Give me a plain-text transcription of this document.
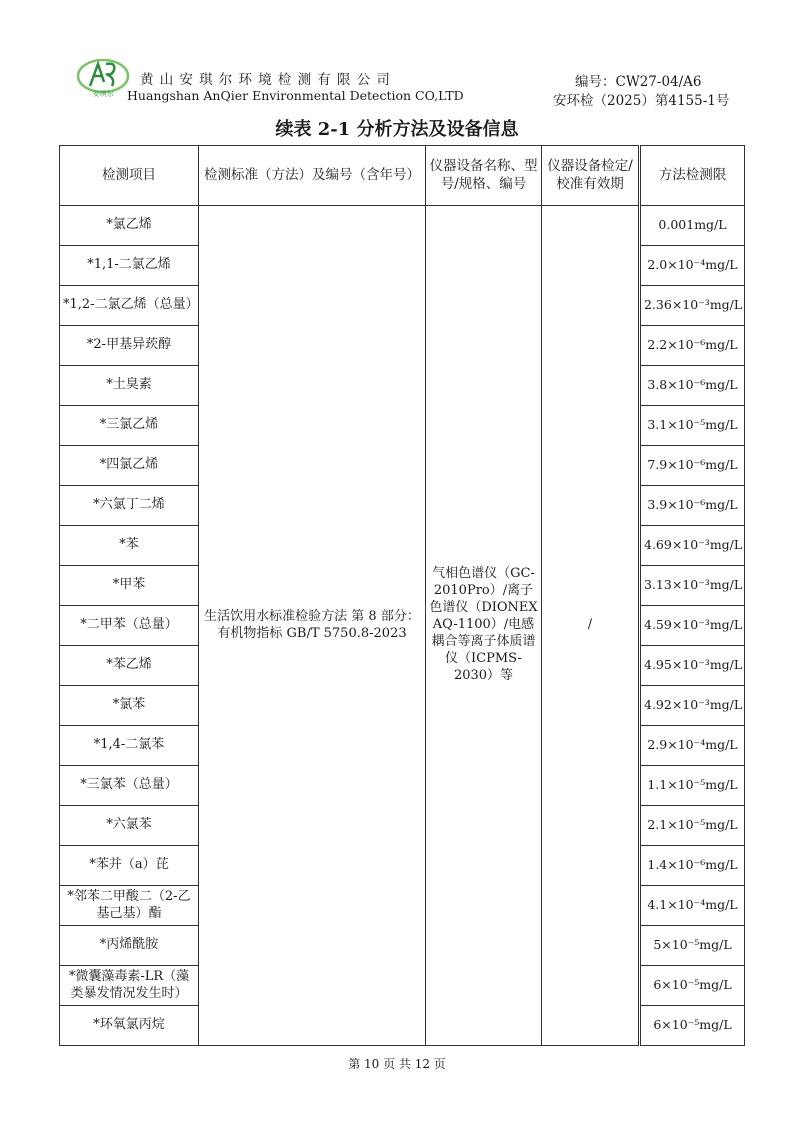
安琪尔
黄山安琪尔环境检测有限公司
Huangshan AnQier Environmental Detection CO,LTD
编号：CW27-04/A6
安环检（2025）第4155-1号
续表 2-1 分析方法及设备信息
检测项目	检测标准（方法）及编号（含年号）	仪器设备名称、型号/规格、编号	仪器设备检定/校准有效期	方法检测限
*氯乙烯	生活饮用水标准检验方法 第 8 部分：有机物指标 GB/T 5750.8-2023	气相色谱仪（GC-2010Pro）/离子色谱仪（DIONEX AQ-1100）/电感耦合等离子体质谱仪（ICPMS-2030）等	/	0.001mg/L
*1,1-二氯乙烯				2.0×10⁻⁴mg/L
*1,2-二氯乙烯（总量）				2.36×10⁻³mg/L
*2-甲基异莰醇				2.2×10⁻⁶mg/L
*土臭素				3.8×10⁻⁶mg/L
*三氯乙烯				3.1×10⁻⁵mg/L
*四氯乙烯				7.9×10⁻⁶mg/L
*六氯丁二烯				3.9×10⁻⁶mg/L
*苯				4.69×10⁻³mg/L
*甲苯				3.13×10⁻³mg/L
*二甲苯（总量）				4.59×10⁻³mg/L
*苯乙烯				4.95×10⁻³mg/L
*氯苯				4.92×10⁻³mg/L
*1,4-二氯苯				2.9×10⁻⁴mg/L
*三氯苯（总量）				1.1×10⁻⁵mg/L
*六氯苯				2.1×10⁻⁵mg/L
*苯并（a）芘				1.4×10⁻⁶mg/L
*邻苯二甲酸二（2-乙基己基）酯				4.1×10⁻⁴mg/L
*丙烯酰胺				5×10⁻⁵mg/L
*微囊藻毒素-LR（藻类暴发情况发生时）				6×10⁻⁵mg/L
*环氧氯丙烷				6×10⁻⁵mg/L
第 10 页 共 12 页
